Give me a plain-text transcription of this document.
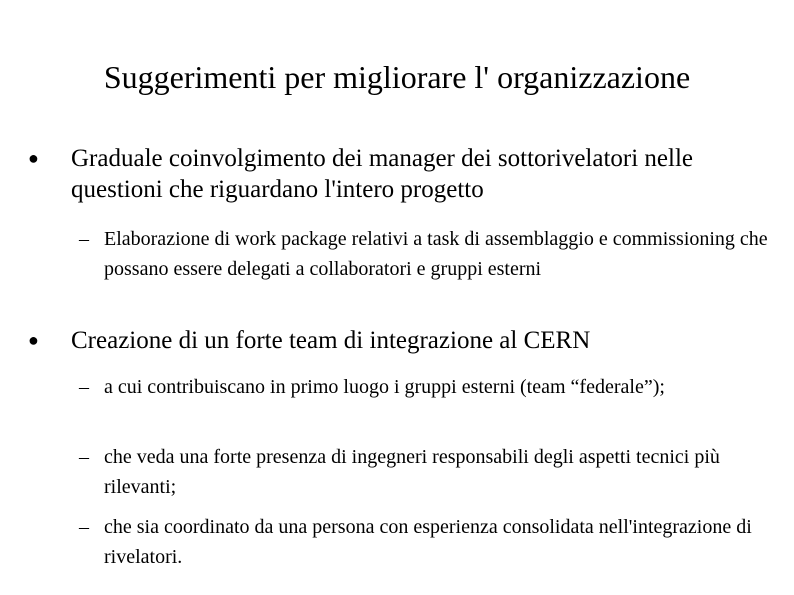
Suggerimenti per migliorare l' organizzazione
● Graduale coinvolgimento dei manager dei sottorivelatori nelle questioni che riguardano l'intero progetto

– Elaborazione di work package relativi a task di assemblaggio e commissioning che possano essere delegati a collaboratori e gruppi esterni

● Creazione di un forte team di integrazione al CERN

– a cui contribuiscano in primo luogo i gruppi esterni (team “federale”);

– che veda una forte presenza di ingegneri responsabili degli aspetti tecnici più rilevanti;

– che sia coordinato da una persona con esperienza consolidata nell'integrazione di rivelatori.
